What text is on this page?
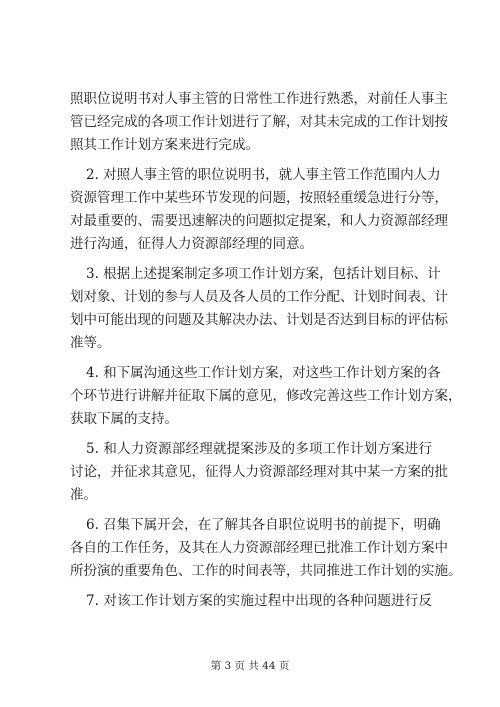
照职位说明书对人事主管的日常性工作进行熟悉，对前任人事主
管已经完成的各项工作计划进行了解，对其未完成的工作计划按
照其工作计划方案来进行完成。
2. 对照人事主管的职位说明书，就人事主管工作范围内人力
资源管理工作中某些环节发现的问题，按照轻重缓急进行分等，
对最重要的、需要迅速解决的问题拟定提案，和人力资源部经理
进行沟通，征得人力资源部经理的同意。
3. 根据上述提案制定多项工作计划方案，包括计划目标、计
划对象、计划的参与人员及各人员的工作分配、计划时间表、计
划中可能出现的问题及其解决办法、计划是否达到目标的评估标
准等。
4. 和下属沟通这些工作计划方案，对这些工作计划方案的各
个环节进行讲解并征取下属的意见，修改完善这些工作计划方案，
获取下属的支持。
5. 和人力资源部经理就提案涉及的多项工作计划方案进行
讨论，并征求其意见，征得人力资源部经理对其中某一方案的批
准。
6. 召集下属开会，在了解其各自职位说明书的前提下，明确
各自的工作任务，及其在人力资源部经理已批准工作计划方案中
所扮演的重要角色、工作的时间表等，共同推进工作计划的实施。
7. 对该工作计划方案的实施过程中出现的各种问题进行反
第 3 页 共 44 页
